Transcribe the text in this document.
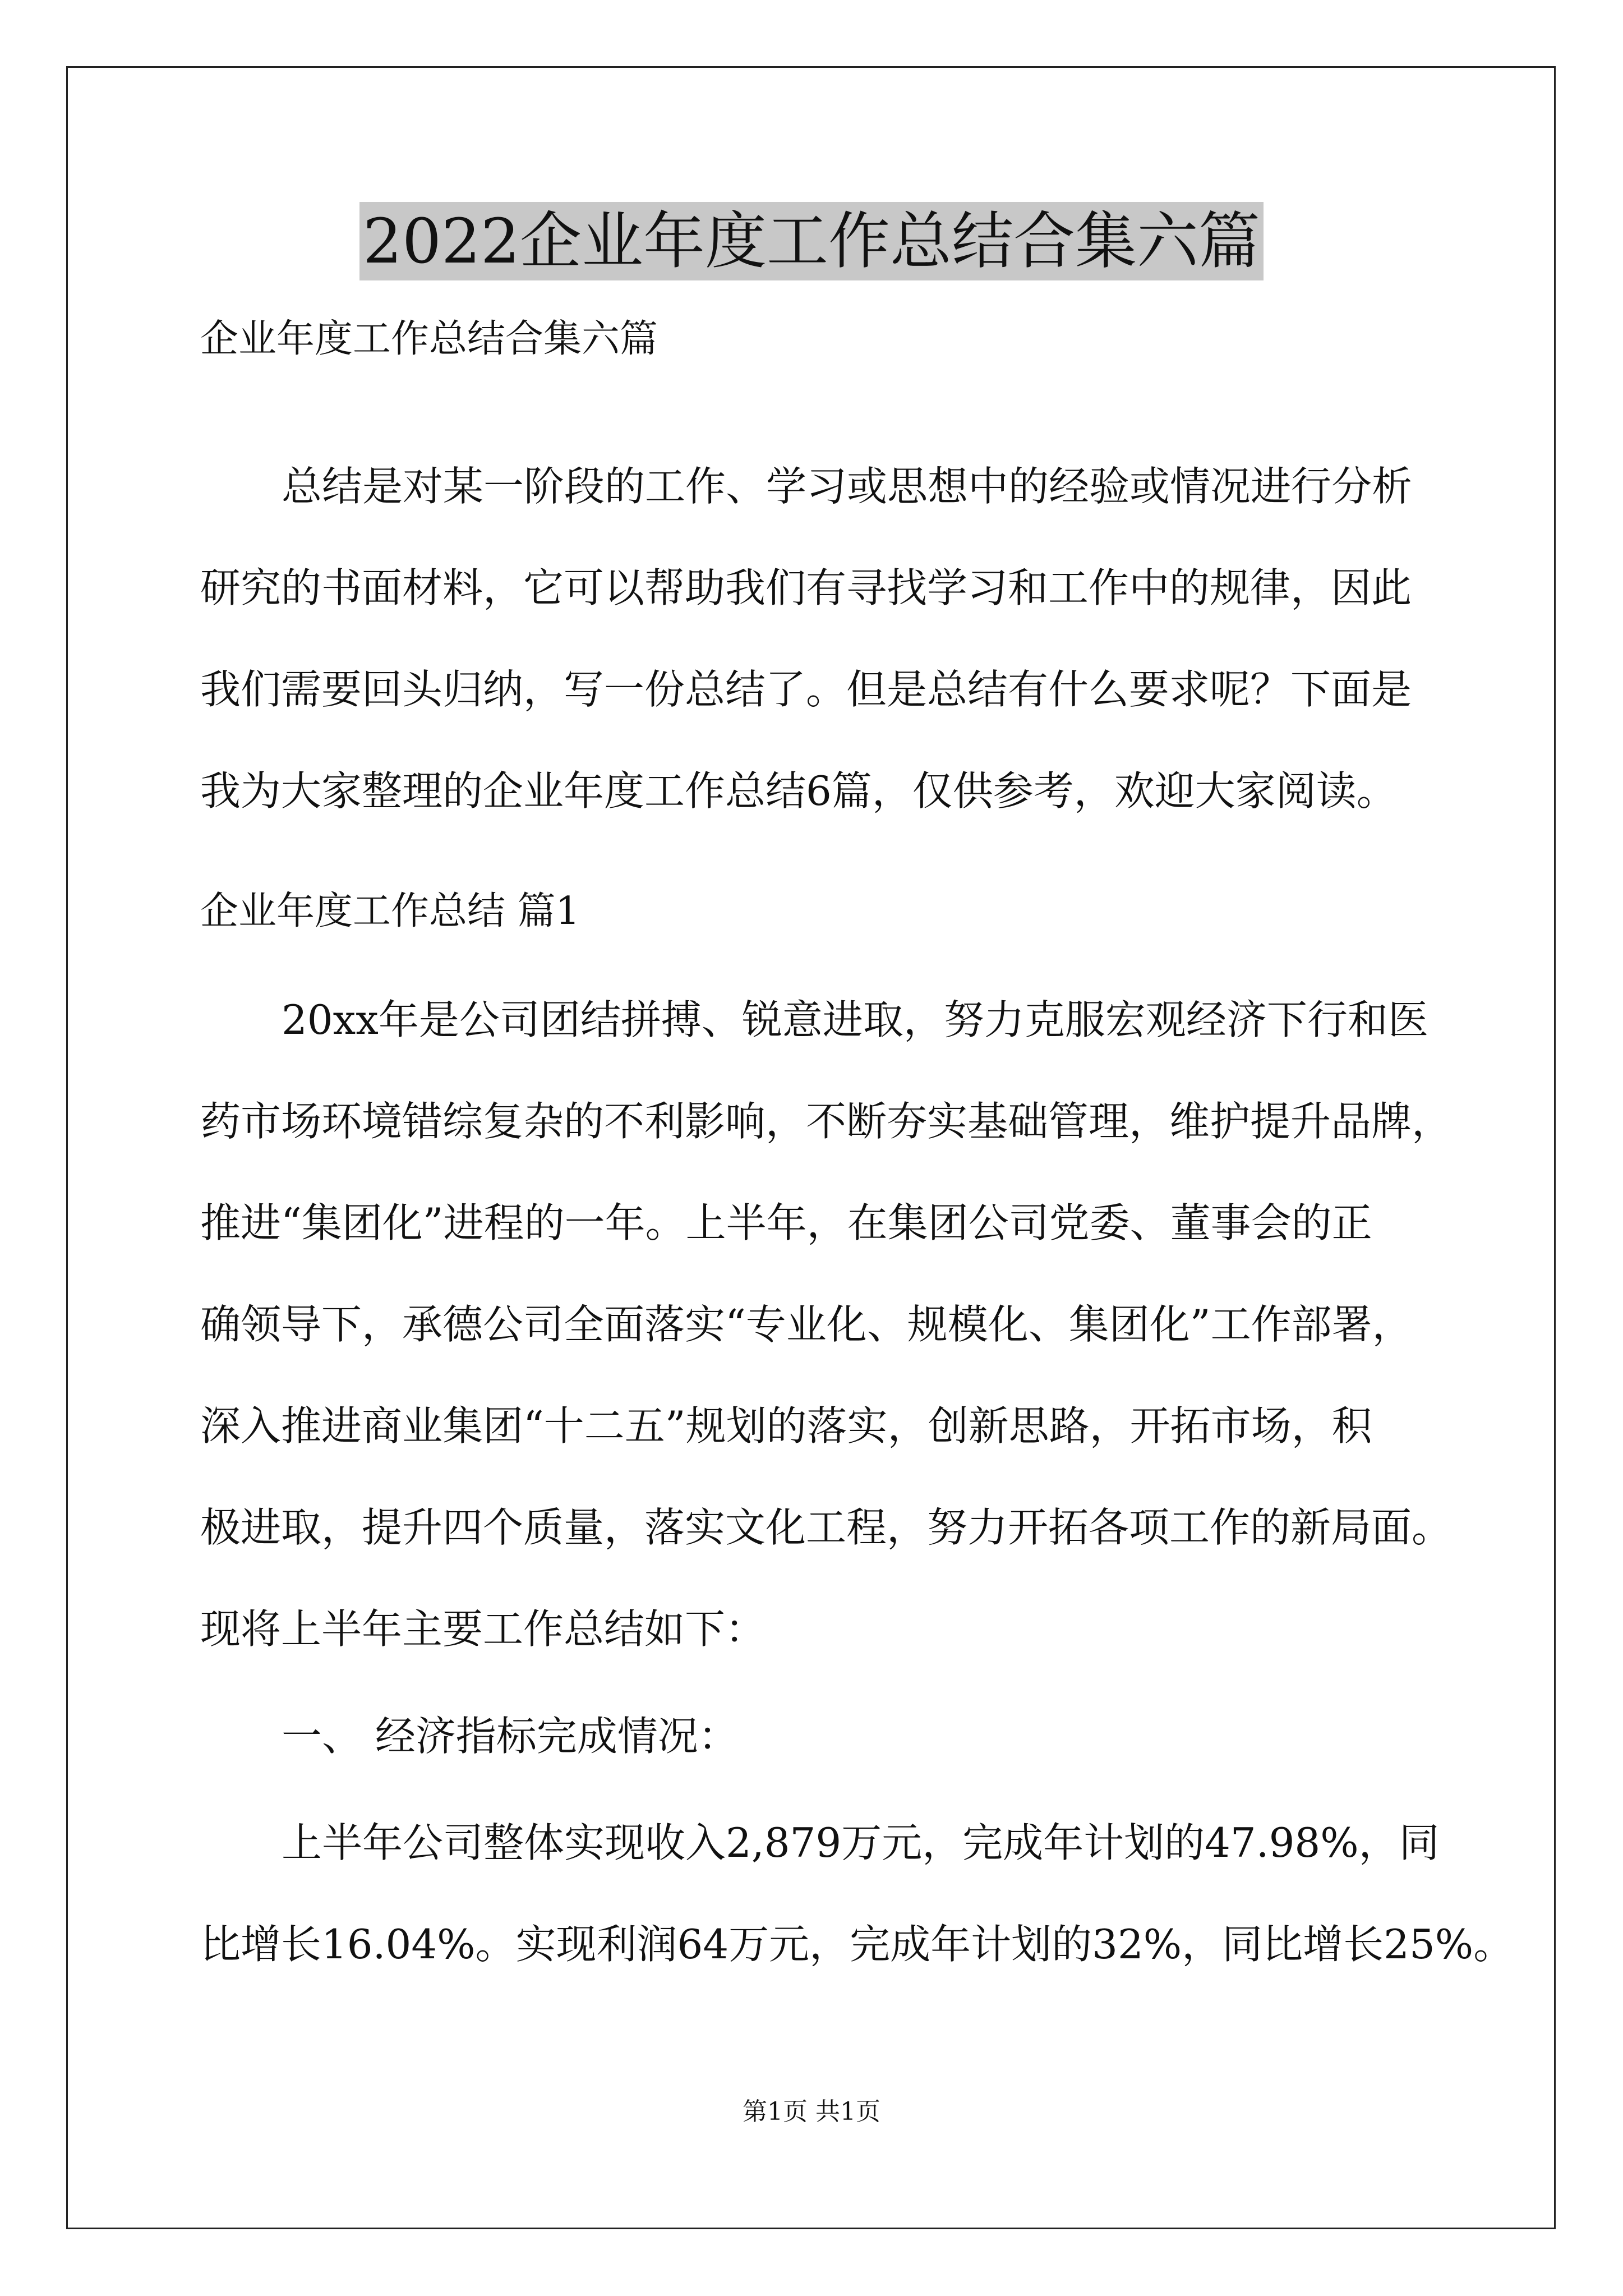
2022企业年度工作总结合集六篇
企业年度工作总结合集六篇
总结是对某一阶段的工作、学习或思想中的经验或情况进行分析
研究的书面材料，它可以帮助我们有寻找学习和工作中的规律，因此
我们需要回头归纳，写一份总结了。但是总结有什么要求呢？下面是
我为大家整理的企业年度工作总结6篇，仅供参考，欢迎大家阅读。
企业年度工作总结 篇1
20xx年是公司团结拼搏、锐意进取，努力克服宏观经济下行和医
药市场环境错综复杂的不利影响，不断夯实基础管理，维护提升品牌，
推进“集团化”进程的一年。上半年，在集团公司党委、董事会的正
确领导下，承德公司全面落实“专业化、规模化、集团化”工作部署，
深入推进商业集团“十二五”规划的落实，创新思路，开拓市场，积
极进取，提升四个质量，落实文化工程，努力开拓各项工作的新局面。
现将上半年主要工作总结如下：
一、 经济指标完成情况：
上半年公司整体实现收入2,879万元，完成年计划的47.98%，同
比增长16.04%。实现利润64万元，完成年计划的32%，同比增长25%。
第1页 共1页
